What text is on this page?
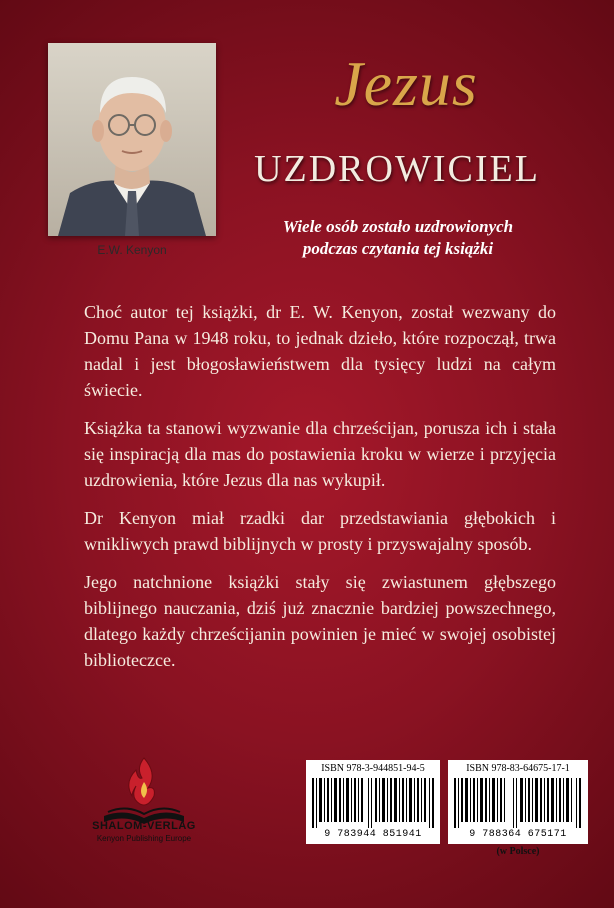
E.W. Kenyon
Jezus
UZDROWICIEL
Wiele osób zostało uzdrowionych
podczas czytania tej książki

Choć autor tej książki, dr E. W. Kenyon, został wezwany do Domu Pana w 1948 roku, to jednak dzieło, które rozpoczął, trwa nadal i jest błogosławieństwem dla tysięcy ludzi na całym świecie.

Książka ta stanowi wyzwanie dla chrześcijan, porusza ich i stała się inspiracją dla mas do postawienia kroku w wierze i przyjęcia uzdrowienia, które Jezus dla nas wykupił.

Dr Kenyon miał rzadki dar przedstawiania głębokich i wnikliwych prawd biblijnych w prosty i przyswajalny sposób.

Jego natchnione książki stały się zwiastunem głębszego biblijnego nauczania, dziś już znacznie bardziej powszechnego, dlatego każdy chrześcijanin powinien je mieć w swojej osobistej biblioteczce.

SHALOM-VERLAG
Kenyon Publishing Europe
ISBN 978-3-944851-94-5
9 783944 851941
ISBN 978-83-64675-17-1
9 788364 675171
(w Polsce)
